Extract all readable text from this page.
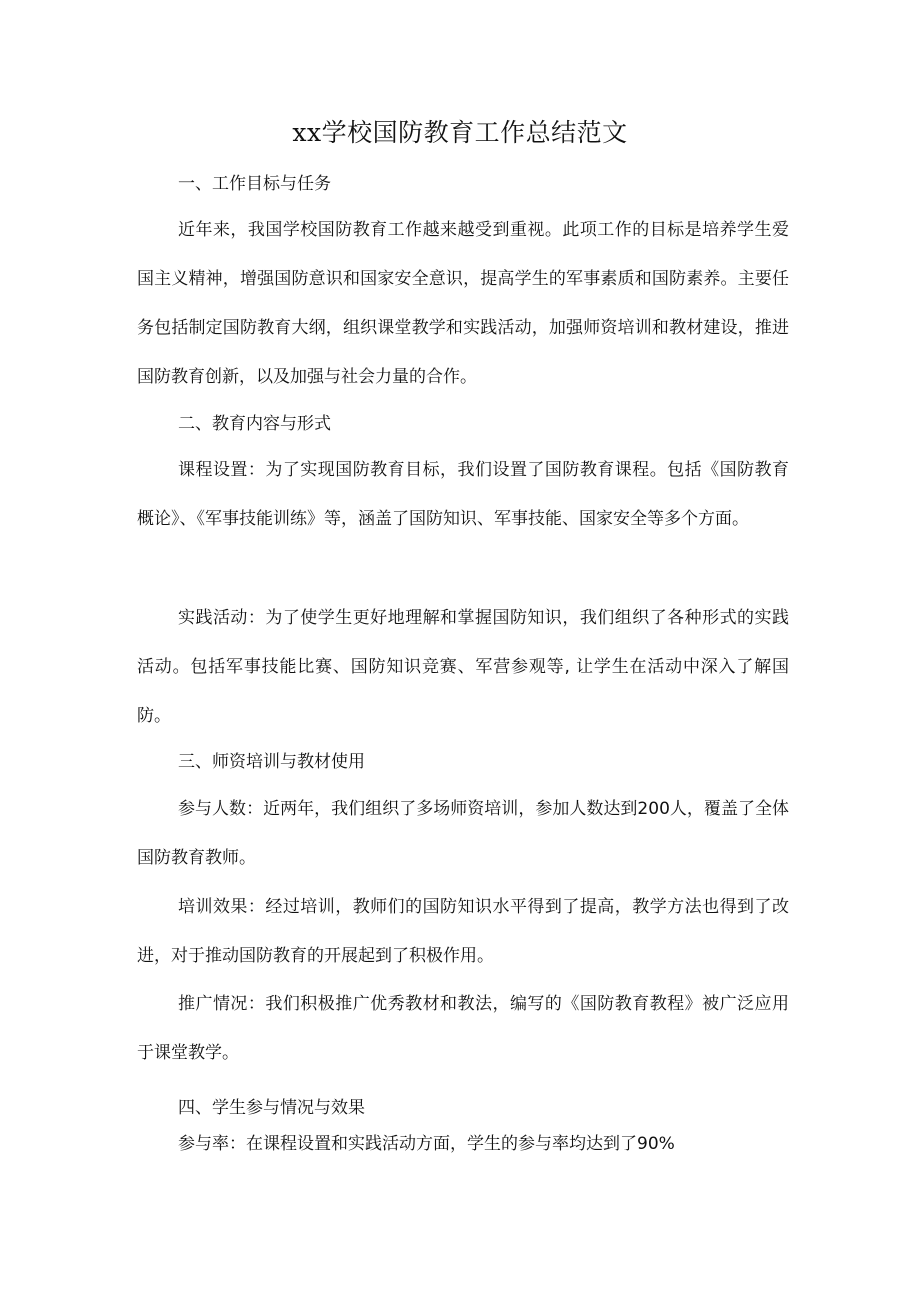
xx学校国防教育工作总结范文
一、工作目标与任务
近年来，我国学校国防教育工作越来越受到重视。此项工作的目标是培养学生爱国主义精神，增强国防意识和国家安全意识，提高学生的军事素质和国防素养。主要任务包括制定国防教育大纲，组织课堂教学和实践活动，加强师资培训和教材建设，推进国防教育创新，以及加强与社会力量的合作。
二、教育内容与形式
课程设置：为了实现国防教育目标，我们设置了国防教育课程。包括《国防教育概论》、《军事技能训练》等，涵盖了国防知识、军事技能、国家安全等多个方面。
实践活动：为了使学生更好地理解和掌握国防知识，我们组织了各种形式的实践活动。包括军事技能比赛、国防知识竞赛、军营参观等, 让学生在活动中深入了解国防。
三、师资培训与教材使用
参与人数：近两年，我们组织了多场师资培训，参加人数达到200人，覆盖了全体国防教育教师。
培训效果：经过培训，教师们的国防知识水平得到了提高，教学方法也得到了改进，对于推动国防教育的开展起到了积极作用。
推广情况：我们积极推广优秀教材和教法，编写的《国防教育教程》被广泛应用于课堂教学。
四、学生参与情况与效果
参与率：在课程设置和实践活动方面，学生的参与率均达到了90%
